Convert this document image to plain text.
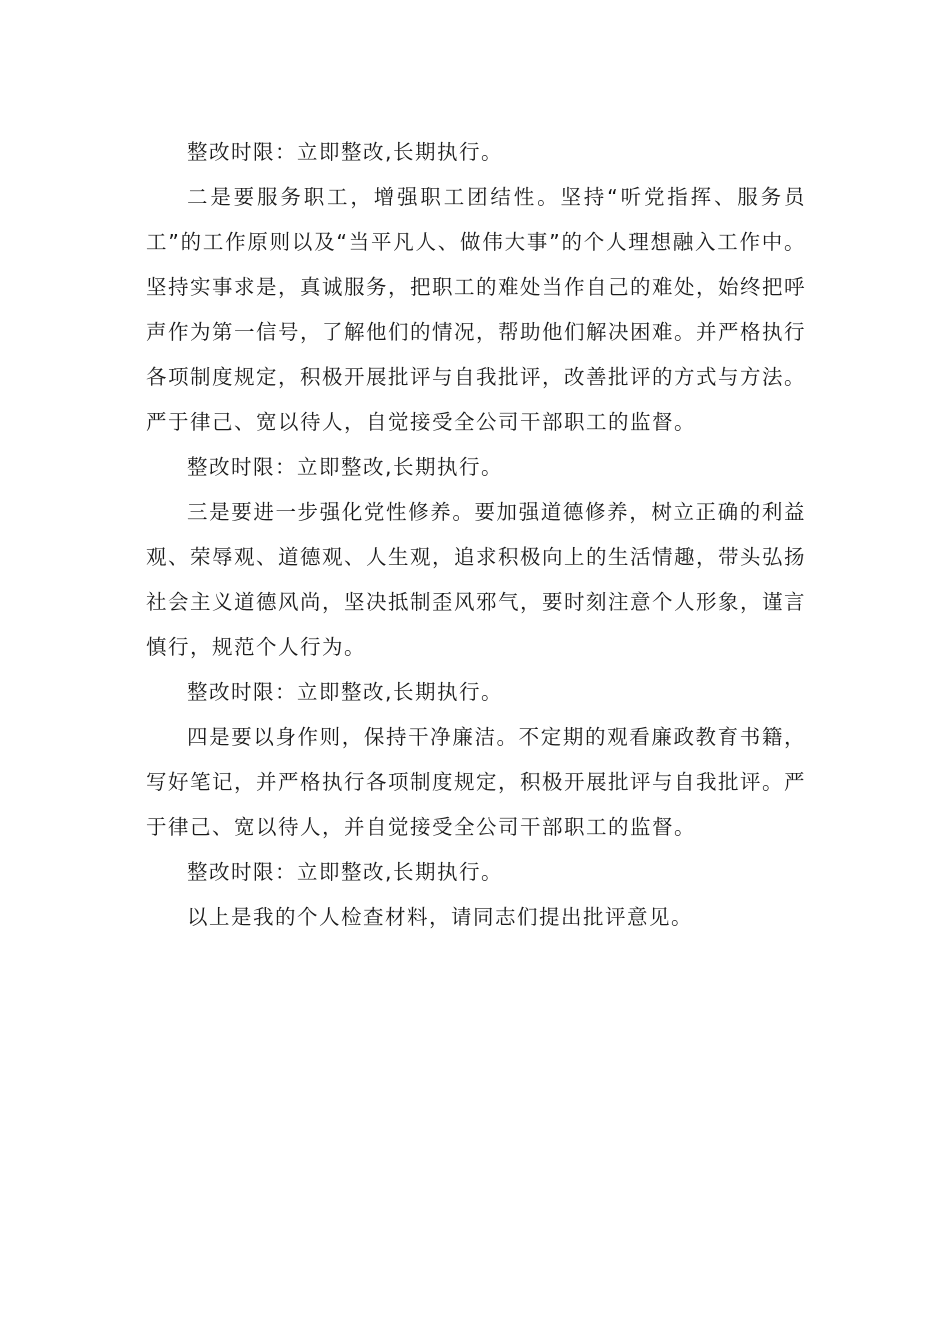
整改时限：立即整改,长期执行。

二是要服务职工，增强职工团结性。坚持“听党指挥、服务员工”的工作原则以及“当平凡人、做伟大事”的个人理想融入工作中。坚持实事求是，真诚服务，把职工的难处当作自己的难处，始终把呼声作为第一信号，了解他们的情况，帮助他们解决困难。并严格执行各项制度规定，积极开展批评与自我批评，改善批评的方式与方法。严于律己、宽以待人，自觉接受全公司干部职工的监督。

整改时限：立即整改,长期执行。

三是要进一步强化党性修养。要加强道德修养，树立正确的利益观、荣辱观、道德观、人生观，追求积极向上的生活情趣，带头弘扬社会主义道德风尚，坚决抵制歪风邪气，要时刻注意个人形象，谨言慎行，规范个人行为。

整改时限：立即整改,长期执行。

四是要以身作则，保持干净廉洁。不定期的观看廉政教育书籍，写好笔记，并严格执行各项制度规定，积极开展批评与自我批评。严于律己、宽以待人，并自觉接受全公司干部职工的监督。

整改时限：立即整改,长期执行。

以上是我的个人检查材料，请同志们提出批评意见。
